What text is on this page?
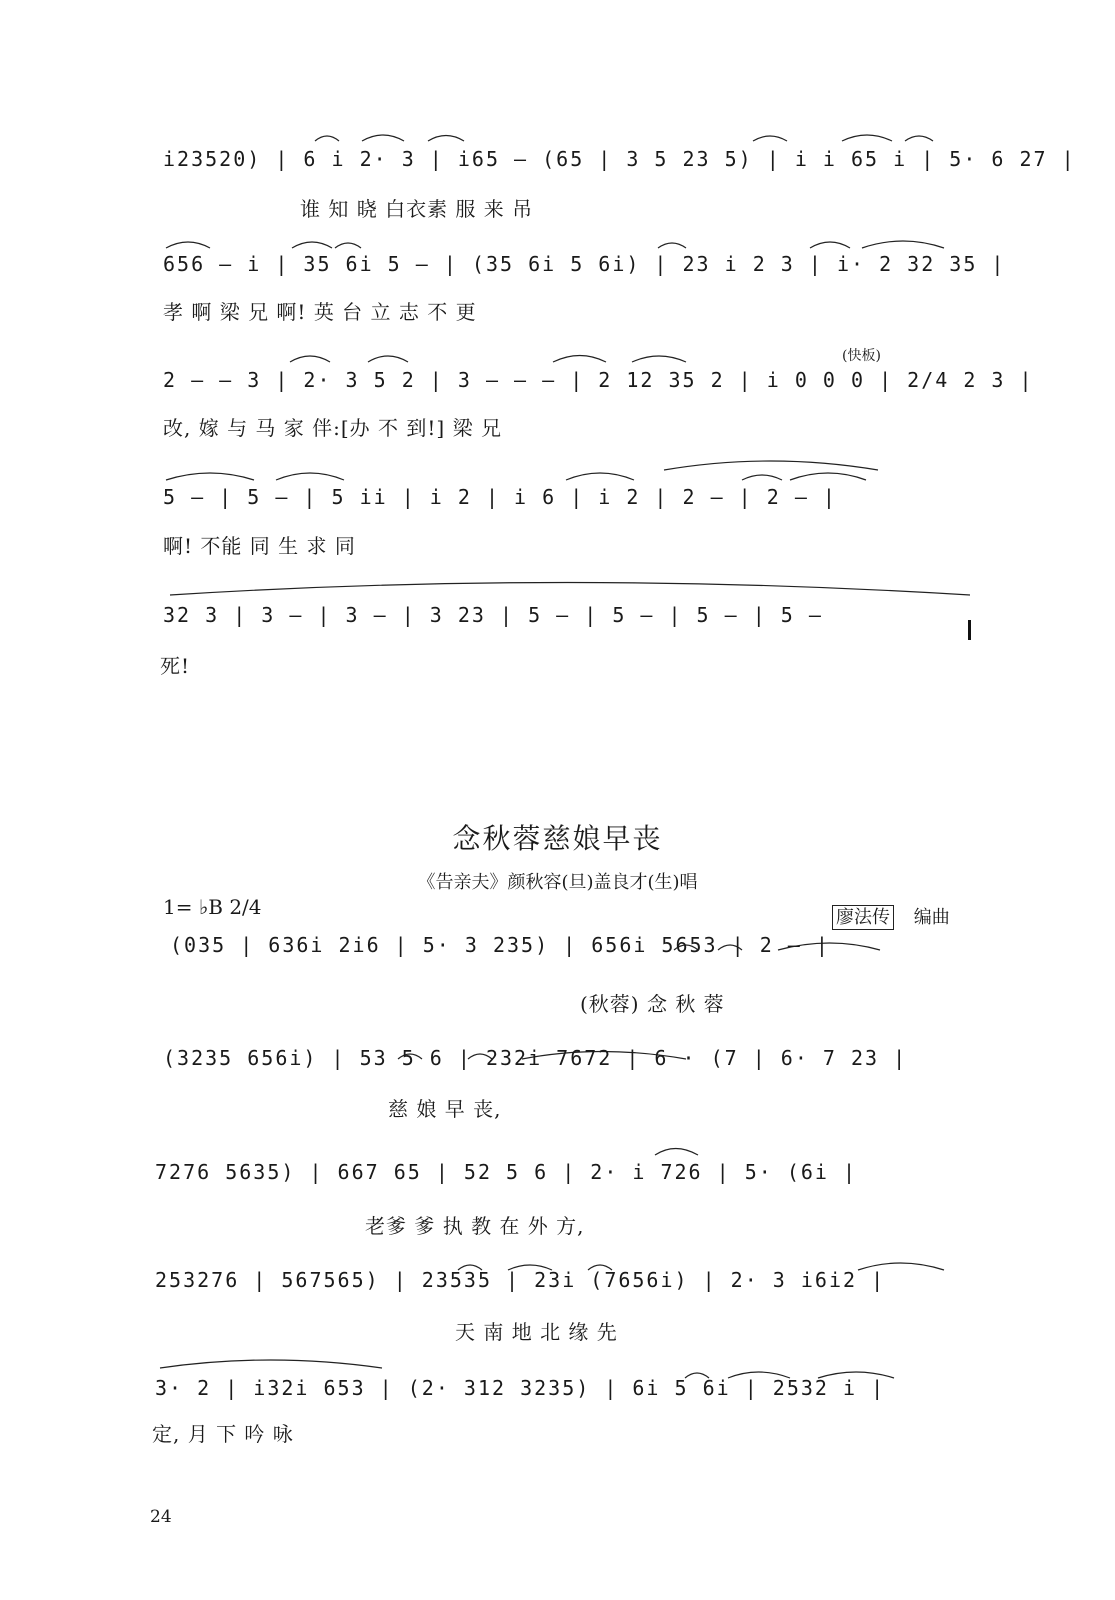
i23520) | 6 i 2· 3 | i65 — (65 | 3 5 23 5) | i i 65 i | 5· 6 27 |
谁 知 晓 白衣素 服 来 吊
656 — i | 35 6i 5 — | (35 6i 5 6i) | 23 i 2 3 | i· 2 32 35 |
孝 啊 梁 兄 啊! 英 台 立 志 不 更
(快板)
2 — — 3 | 2· 3 5 2 | 3 — — — | 2 12 35 2 | i 0 0 0 | 2/4 2 3 |
改, 嫁 与 马 家 伴:[办 不 到!] 梁 兄
5 — | 5 — | 5 ii | i 2 | i 6 | i 2 | 2 — | 2 — |
啊! 不能 同 生 求 同
32 3 | 3 — | 3 — | 3 23 | 5 — | 5 — | 5 — | 5 —
死!
念秋蓉慈娘早丧
《告亲夫》颜秋容(旦)盖良才(生)唱
1= ♭B 2/4	廖法传 编曲
(035 | 636i 2i6 | 5· 3 235) | 656i 5653 | 2 — |
(秋蓉) 念 秋 蓉
(3235 656i) | 53 5 6 | 232i 7672 | 6 · (7 | 6· 7 23 |
慈 娘 早 丧,
7276 5635) | 667 65 | 52 5 6 | 2· i 726 | 5· (6i |
老爹 爹 执 教 在 外 方,
253276 | 567565) | 23535 | 23i (7656i) | 2· 3 i6i2 |
天 南 地 北 缘 先
3· 2 | i32i 653 | (2· 312 3235) | 6i 5 6i | 2532 i |
定, 月 下 吟 咏
24
